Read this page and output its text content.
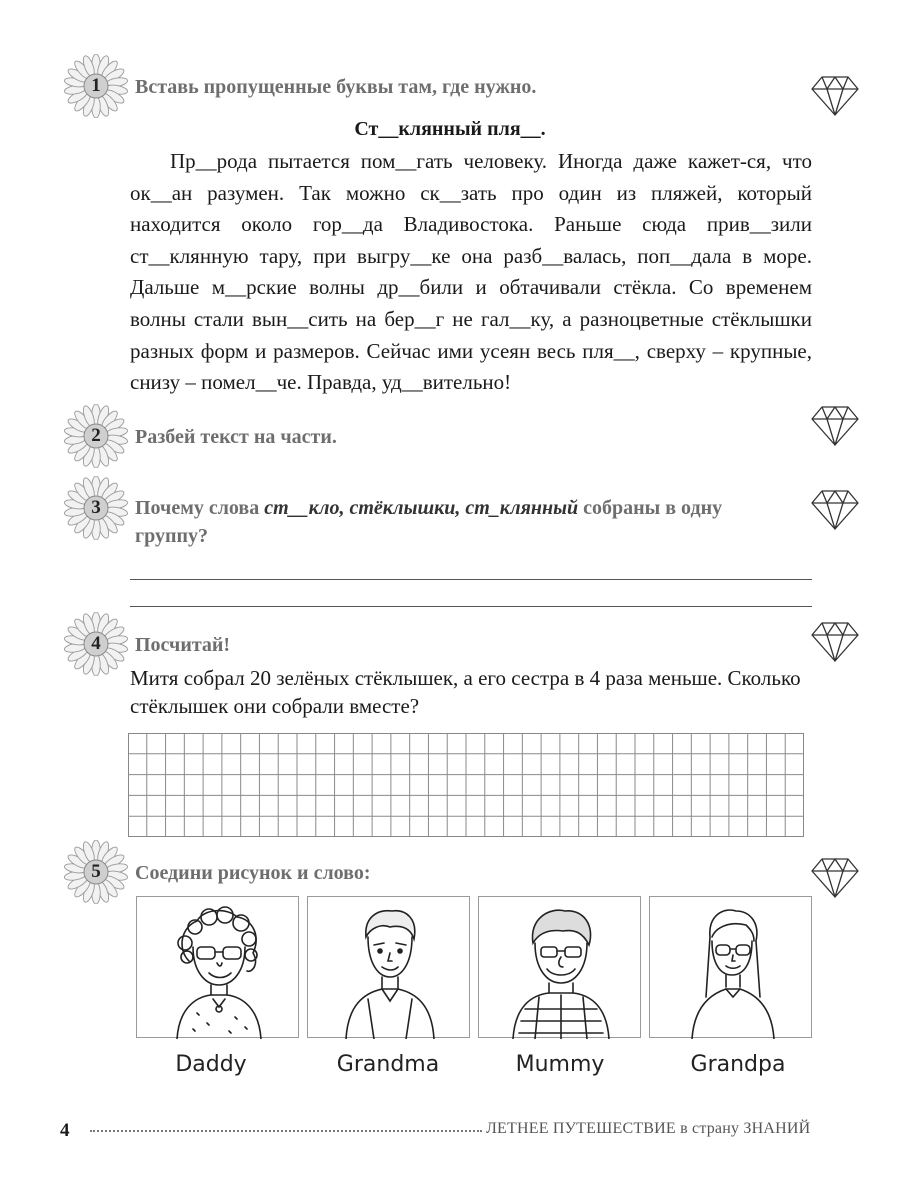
1	Вставь пропущенные буквы там, где нужно.
Ст__клянный пля__.
Пр__рода пытается пом__гать человеку. Иногда даже кажет-ся, что ок__ан разумен. Так можно ск__зать про один из пляжей, который находится около гор__да Владивостока. Раньше сюда прив__зили ст__клянную тару, при выгру__ке она разб__валась, поп__дала в море. Дальше м__рские волны др__били и обтачивали стёкла. Со временем волны стали вын__сить на бер__г не гал__ку, а разноцветные стёклышки разных форм и размеров. Сейчас ими усеян весь пля__, сверху – крупные, снизу – помел__че. Правда, уд__вительно!
2	Разбей текст на части.
3	Почему слова ст__кло, стёклышки, ст_клянный собраны в одну группу?
4	Посчитай!
Митя собрал 20 зелёных стёклышек, а его сестра в 4 раза меньше. Сколько стёклышек они собрали вместе?
5	Соедини рисунок и слово:
Daddy	Grandma	Mummy	Grandpa
4	ЛЕТНЕЕ ПУТЕШЕСТВИЕ в страну ЗНАНИЙ
